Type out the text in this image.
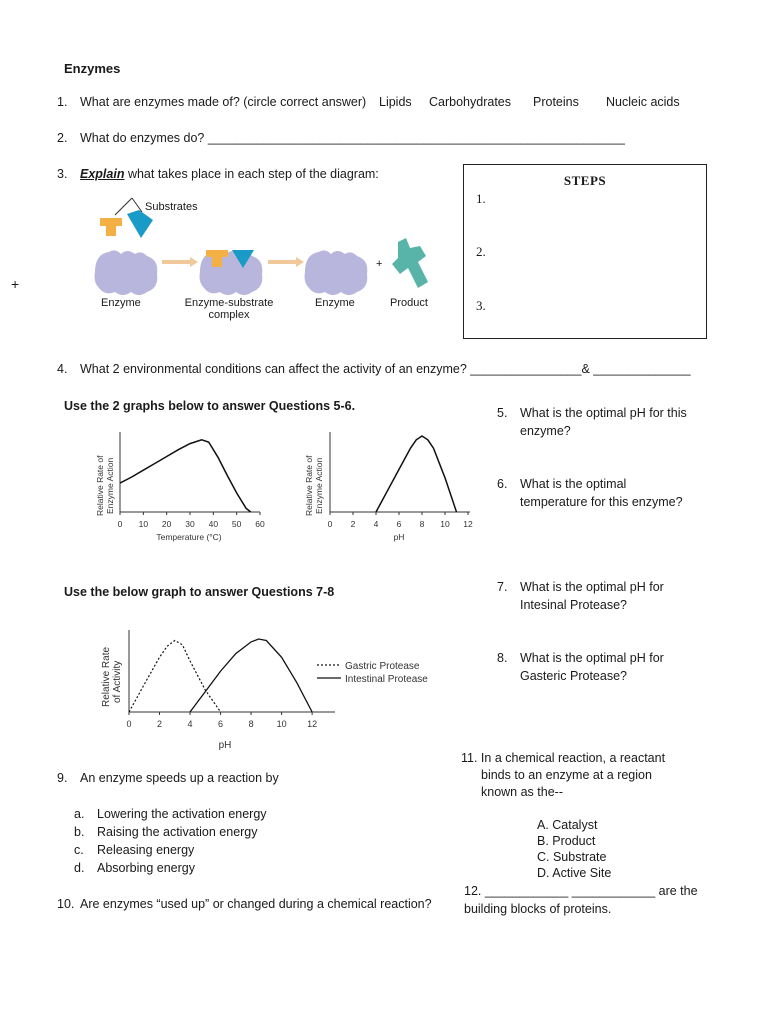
Enzymes
1. What are enzymes made of? (circle correct answer) Lipids Carbohydrates Proteins Nucleic acids
2. What do enzymes do? ____________________________________________________________
3. Explain what takes place in each step of the diagram:
+
Substrates
+
Enzyme	Enzyme-substrate
complex
Enzyme	Product
STEPS
1.
2.
3.
4. What 2 environmental conditions can affect the activity of an enzyme? ________________& ______________
Use the 2 graphs below to answer Questions 5-6.
Relative Rate of Enzyme Action
0 10 20 30 40 50 60
Temperature (°C)
Relative Rate of Enzyme Action
0 2 4 6 8 10 12
pH
5. What is the optimal pH for this
enzyme?
6. What is the optimal
temperature for this enzyme?
Use the below graph to answer Questions 7-8
Relative Rate of Activity
0	2	4	6	8	10 12
pH
Gastric Protease
Intestinal Protease
7. What is the optimal pH for
Intesinal Protease?
8. What is the optimal pH for
Gasteric Protease?
9. An enzyme speeds up a reaction by
a. Lowering the activation energy
b. Raising the activation energy
c. Releasing energy
d. Absorbing energy
10. Are enzymes “used up” or changed during a chemical reaction?
11. In a chemical reaction, a reactant
binds to an enzyme at a region
known as the--
A. Catalyst
B. Product
C. Substrate
D. Active Site
12. ____________ ____________ are the
building blocks of proteins.
